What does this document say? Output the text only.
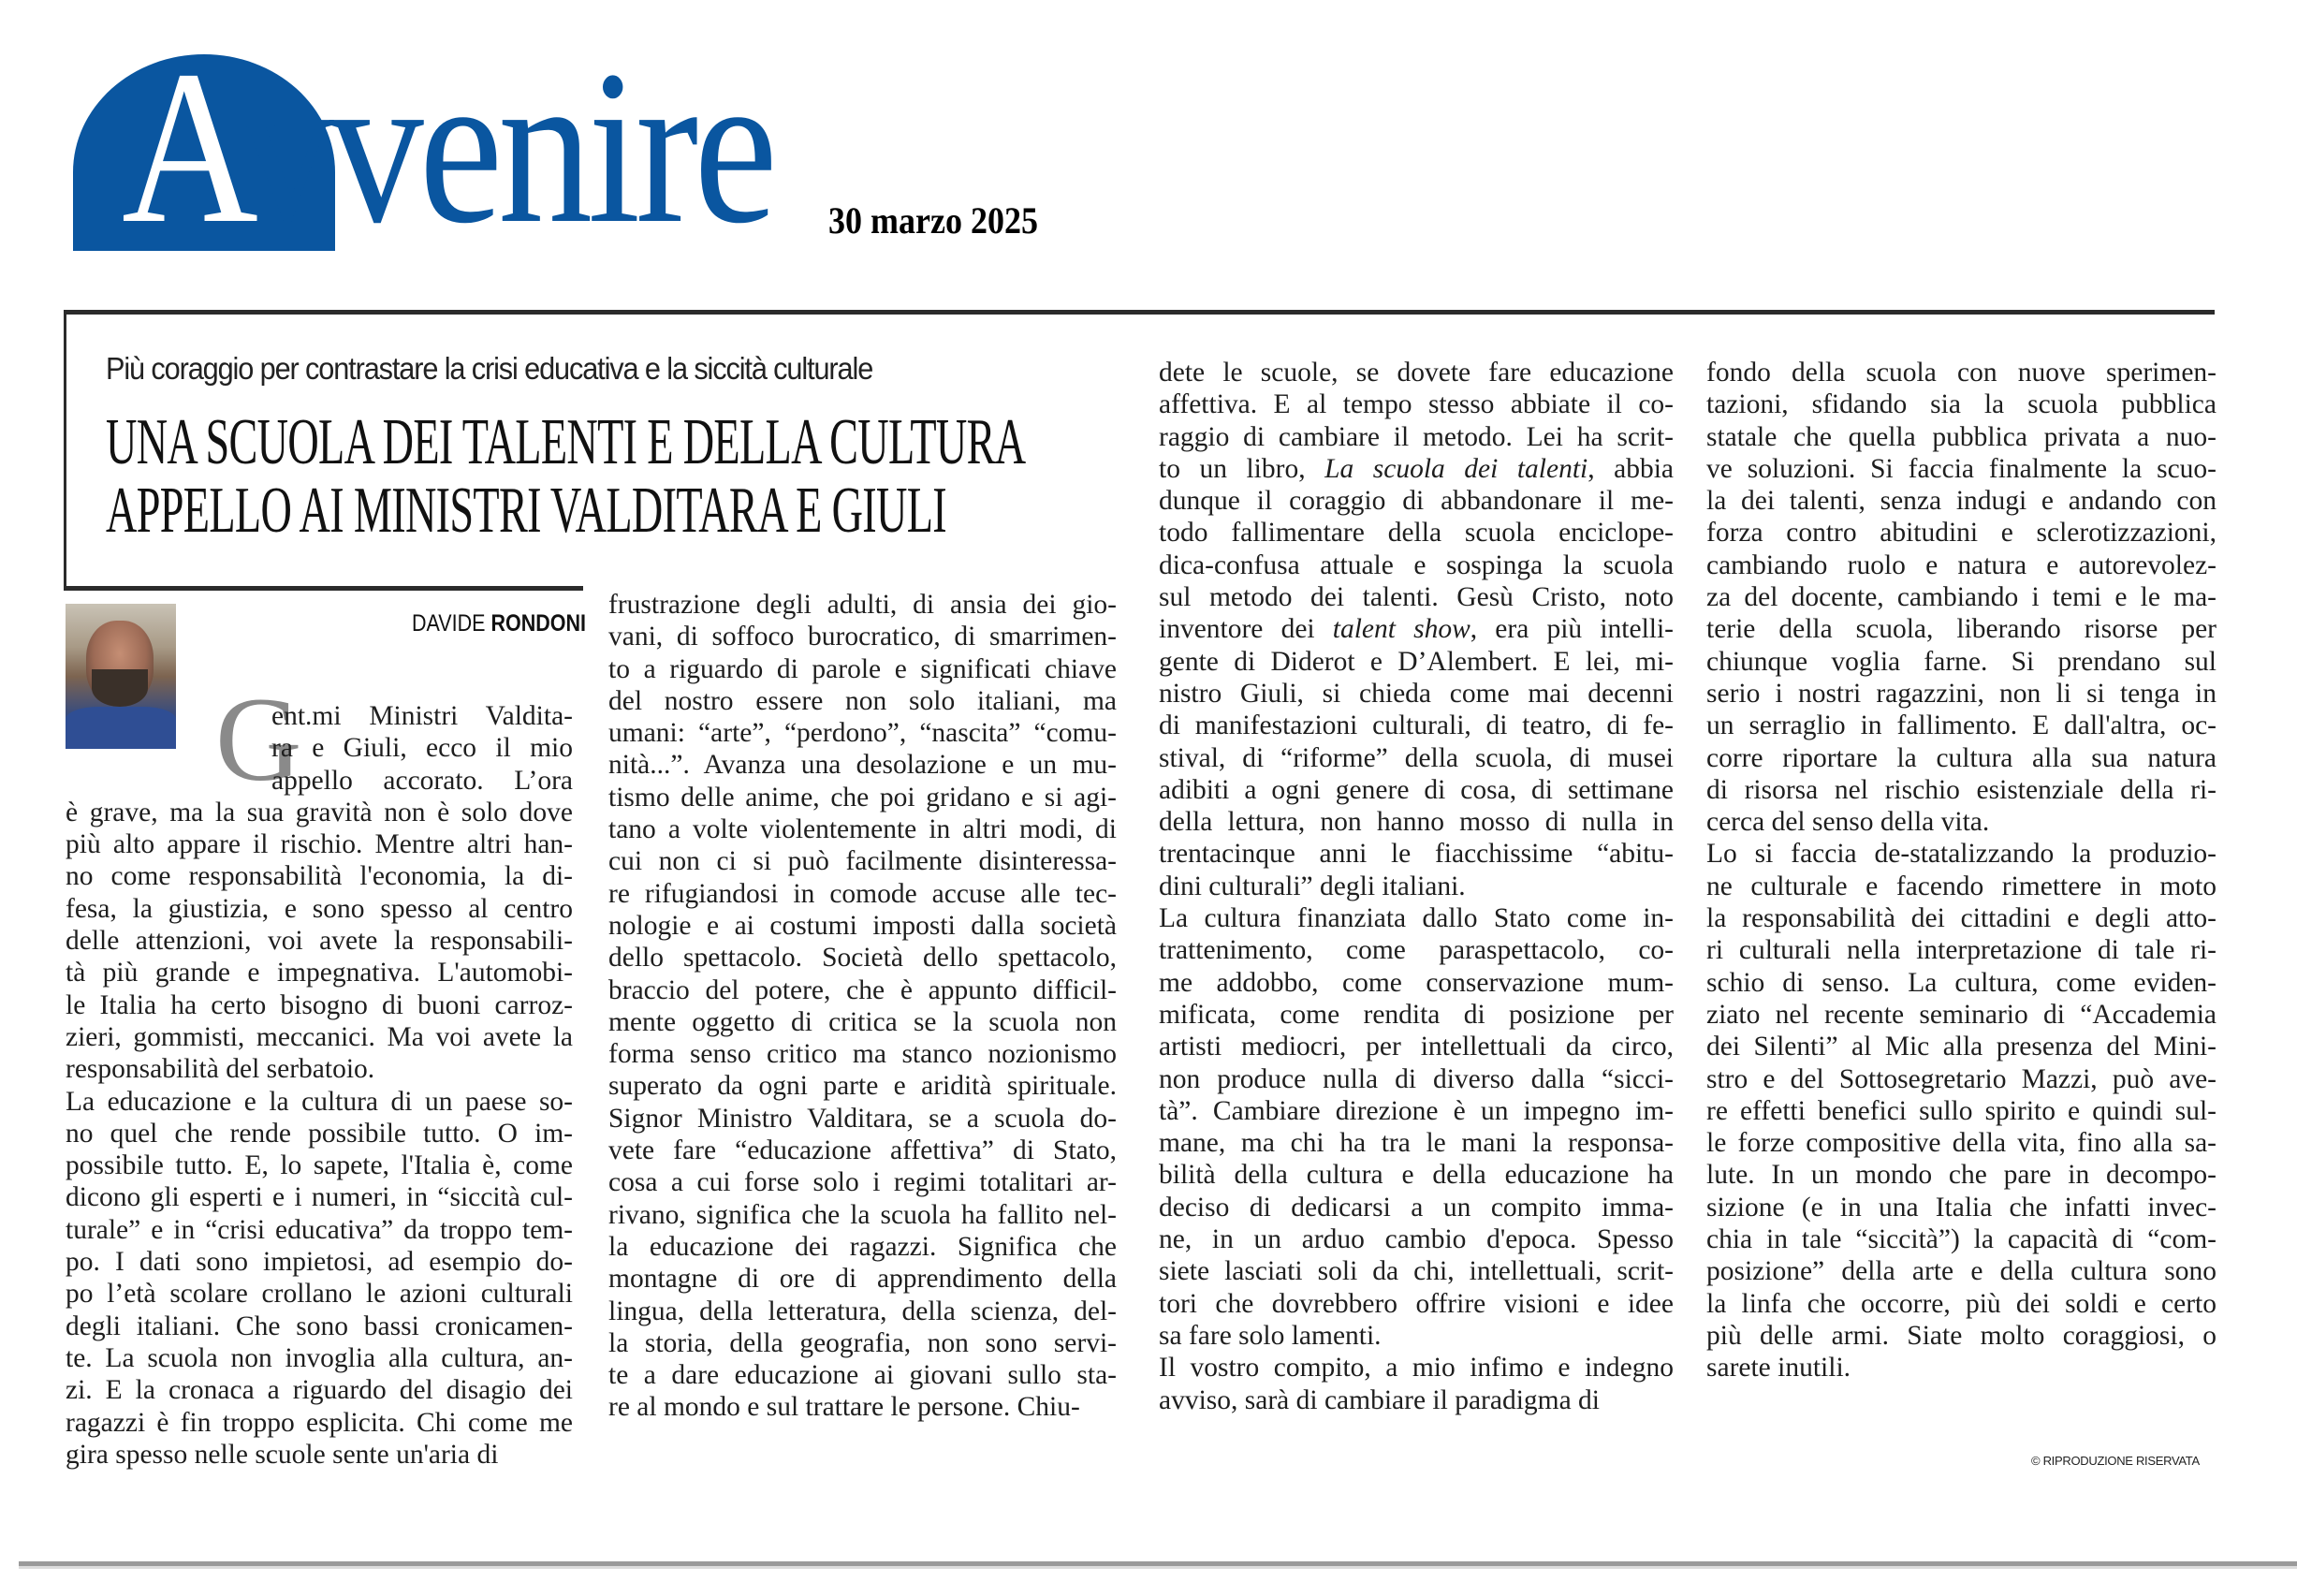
Avvenire 30 marzo 2025
Più coraggio per contrastare la crisi educativa e la siccità culturale
UNA SCUOLA DEI TALENTI E DELLA CULTURA
APPELLO AI MINISTRI VALDITARA E GIULI
DAVIDE RONDONI
G
ent.mi Ministri Valdita-
ra e Giuli, ecco il mio
appello accorato. L’ora
è grave, ma la sua gravità non è solo dove
più alto appare il rischio. Mentre altri han-
no come responsabilità l'economia, la di-
fesa, la giustizia, e sono spesso al centro
delle attenzioni, voi avete la responsabili-
tà più grande e impegnativa. L'automobi-
le Italia ha certo bisogno di buoni carroz-
zieri, gommisti, meccanici. Ma voi avete la
responsabilità del serbatoio.
La educazione e la cultura di un paese so-
no quel che rende possibile tutto. O im-
possibile tutto. E, lo sapete, l'Italia è, come
dicono gli esperti e i numeri, in “siccità cul-
turale” e in “crisi educativa” da troppo tem-
po. I dati sono impietosi, ad esempio do-
po l’età scolare crollano le azioni culturali
degli italiani. Che sono bassi cronicamen-
te. La scuola non invoglia alla cultura, an-
zi. E la cronaca a riguardo del disagio dei
ragazzi è fin troppo esplicita. Chi come me
gira spesso nelle scuole sente un'aria di
frustrazione degli adulti, di ansia dei gio-
vani, di soffoco burocratico, di smarrimen-
to a riguardo di parole e significati chiave
del nostro essere non solo italiani, ma
umani: “arte”, “perdono”, “nascita” “comu-
nità...”. Avanza una desolazione e un mu-
tismo delle anime, che poi gridano e si agi-
tano a volte violentemente in altri modi, di
cui non ci si può facilmente disinteressa-
re rifugiandosi in comode accuse alle tec-
nologie e ai costumi imposti dalla società
dello spettacolo. Società dello spettacolo,
braccio del potere, che è appunto difficil-
mente oggetto di critica se la scuola non
forma senso critico ma stanco nozionismo
superato da ogni parte e aridità spirituale.
Signor Ministro Valditara, se a scuola do-
vete fare “educazione affettiva” di Stato,
cosa a cui forse solo i regimi totalitari ar-
rivano, significa che la scuola ha fallito nel-
la educazione dei ragazzi. Significa che
montagne di ore di apprendimento della
lingua, della letteratura, della scienza, del-
la storia, della geografia, non sono servi-
te a dare educazione ai giovani sullo sta-
re al mondo e sul trattare le persone. Chiu-
dete le scuole, se dovete fare educazione
affettiva. E al tempo stesso abbiate il co-
raggio di cambiare il metodo. Lei ha scrit-
to un libro, La scuola dei talenti, abbia
dunque il coraggio di abbandonare il me-
todo fallimentare della scuola enciclope-
dica-confusa attuale e sospinga la scuola
sul metodo dei talenti. Gesù Cristo, noto
inventore dei talent show, era più intelli-
gente di Diderot e D’Alembert. E lei, mi-
nistro Giuli, si chieda come mai decenni
di manifestazioni culturali, di teatro, di fe-
stival, di “riforme” della scuola, di musei
adibiti a ogni genere di cosa, di settimane
della lettura, non hanno mosso di nulla in
trentacinque anni le fiacchissime “abitu-
dini culturali” degli italiani.
La cultura finanziata dallo Stato come in-
trattenimento, come paraspettacolo, co-
me addobbo, come conservazione mum-
mificata, come rendita di posizione per
artisti mediocri, per intellettuali da circo,
non produce nulla di diverso dalla “sicci-
tà”. Cambiare direzione è un impegno im-
mane, ma chi ha tra le mani la responsa-
bilità della cultura e della educazione ha
deciso di dedicarsi a un compito imma-
ne, in un arduo cambio d'epoca. Spesso
siete lasciati soli da chi, intellettuali, scrit-
tori che dovrebbero offrire visioni e idee
sa fare solo lamenti.
Il vostro compito, a mio infimo e indegno
avviso, sarà di cambiare il paradigma di
fondo della scuola con nuove sperimen-
tazioni, sfidando sia la scuola pubblica
statale che quella pubblica privata a nuo-
ve soluzioni. Si faccia finalmente la scuo-
la dei talenti, senza indugi e andando con
forza contro abitudini e sclerotizzazioni,
cambiando ruolo e natura e autorevolez-
za del docente, cambiando i temi e le ma-
terie della scuola, liberando risorse per
chiunque voglia farne. Si prendano sul
serio i nostri ragazzini, non li si tenga in
un serraglio in fallimento. E dall'altra, oc-
corre riportare la cultura alla sua natura
di risorsa nel rischio esistenziale della ri-
cerca del senso della vita.
Lo si faccia de-statalizzando la produzio-
ne culturale e facendo rimettere in moto
la responsabilità dei cittadini e degli atto-
ri culturali nella interpretazione di tale ri-
schio di senso. La cultura, come eviden-
ziato nel recente seminario di “Accademia
dei Silenti” al Mic alla presenza del Mini-
stro e del Sottosegretario Mazzi, può ave-
re effetti benefici sullo spirito e quindi sul-
le forze compositive della vita, fino alla sa-
lute. In un mondo che pare in decompo-
sizione (e in una Italia che infatti invec-
chia in tale “siccità”) la capacità di “com-
posizione” della arte e della cultura sono
la linfa che occorre, più dei soldi e certo
più delle armi. Siate molto coraggiosi, o
sarete inutili.
© RIPRODUZIONE RISERVATA
